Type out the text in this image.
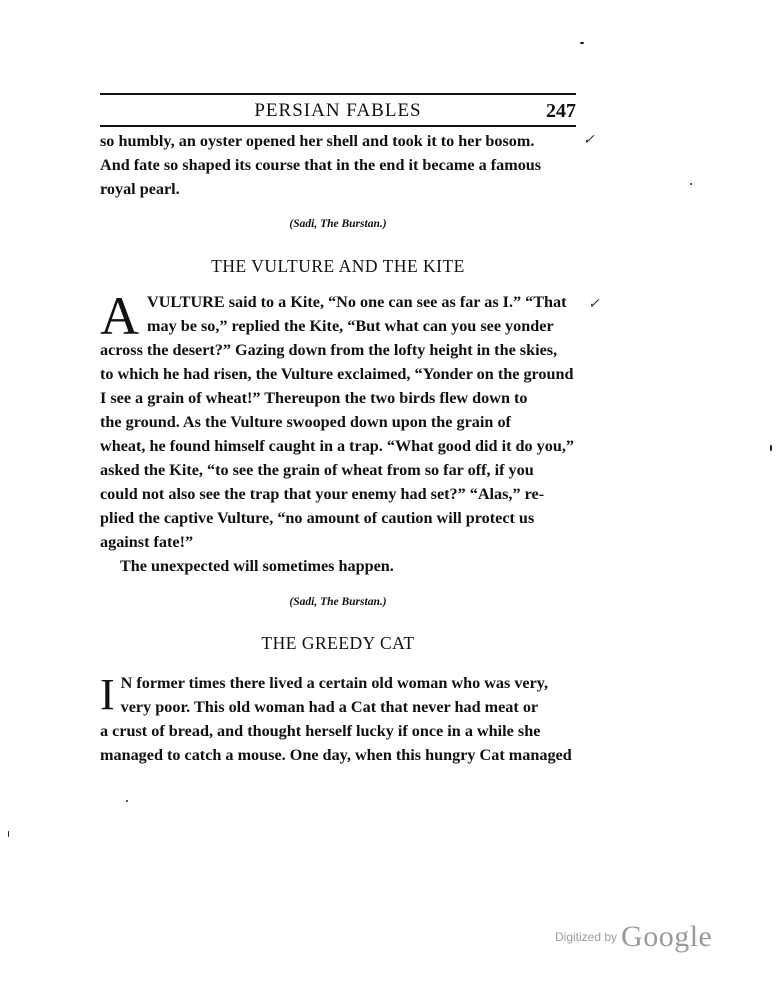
PERSIAN FABLES	247
so humbly, an oyster opened her shell and took it to her bosom.
And fate so shaped its course that in the end it became a famous
royal pearl.
(Sadi, The Burstan.)
THE VULTURE AND THE KITE
A VULTURE said to a Kite, “No one can see as far as I.” “That
may be so,” replied the Kite, “But what can you see yonder
across the desert?” Gazing down from the lofty height in the skies,
to which he had risen, the Vulture exclaimed, “Yonder on the ground
I see a grain of wheat!” Thereupon the two birds flew down to
the ground. As the Vulture swooped down upon the grain of
wheat, he found himself caught in a trap. “What good did it do you,”
asked the Kite, “to see the grain of wheat from so far off, if you
could not also see the trap that your enemy had set?” “Alas,” re-
plied the captive Vulture, “no amount of caution will protect us
against fate!”
The unexpected will sometimes happen.
(Sadi, The Burstan.)
THE GREEDY CAT
I N former times there lived a certain old woman who was very,
very poor. This old woman had a Cat that never had meat or
a crust of bread, and thought herself lucky if once in a while she
managed to catch a mouse. One day, when this hungry Cat managed
✓
✓
Digitized by Google
